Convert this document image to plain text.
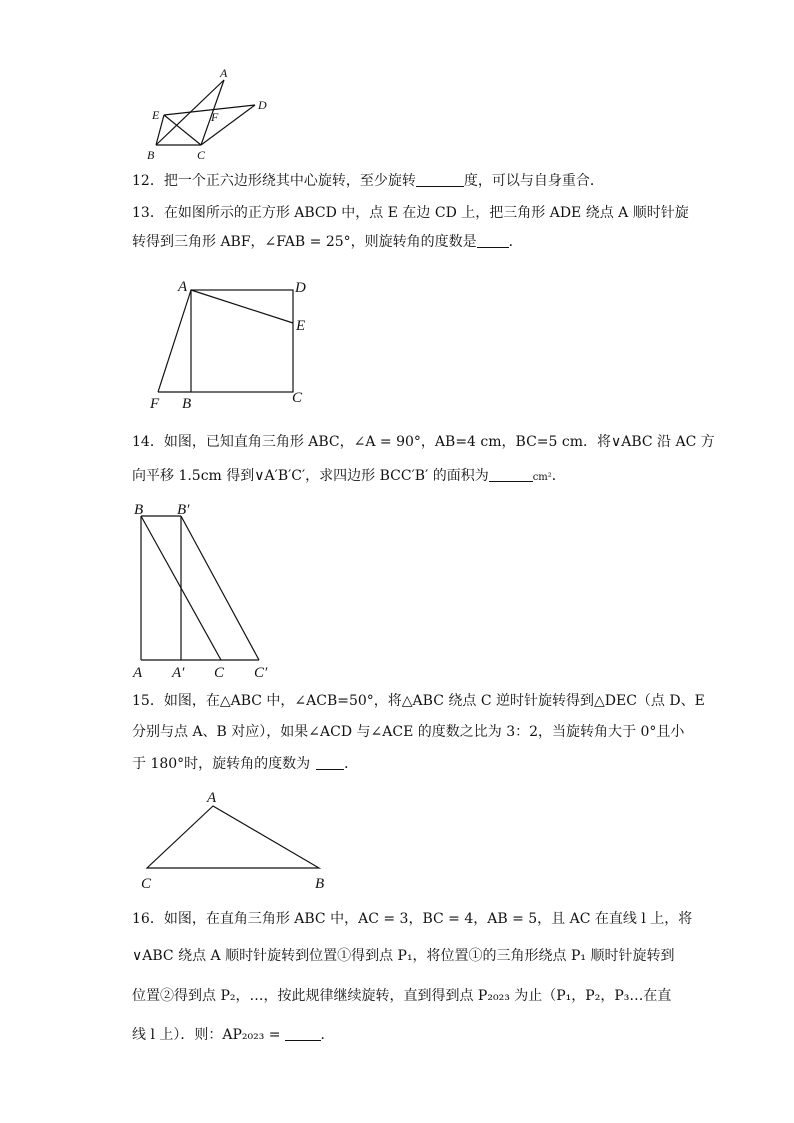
A
D
E	F
B	C
12．把一个正六边形绕其中心旋转，至少旋转	度，可以与自身重合．
13．在如图所示的正方形 ABCD 中，点 E 在边 CD 上，把三角形 ADE 绕点 A 顺时针旋
转得到三角形 ABF，∠FAB = 25°，则旋转角的度数是 ．
A	D
E
F B	C
14．如图，已知直角三角形 ABC，∠A = 90°，AB=4 cm，BC=5 cm．将∨ABC 沿 AC 方
向平移 1.5cm 得到∨A′B′C′，求四边形 BCC′B′ 的面积为	cm²．
B B′
A A′ C C′
15．如图，在△ABC 中，∠ACB=50°，将△ABC 绕点 C 逆时针旋转得到△DEC（点 D、E
分别与点 A、B 对应），如果∠ACD 与∠ACE 的度数之比为 3：2，当旋转角大于 0°且小
于 180°时，旋转角的度数为 ．
A
C	B
16．如图，在直角三角形 ABC 中，AC = 3，BC = 4，AB = 5，且 AC 在直线 l 上，将
∨ABC 绕点 A 顺时针旋转到位置①得到点 P₁，将位置①的三角形绕点 P₁ 顺时针旋转到
位置②得到点 P₂，…，按此规律继续旋转，直到得到点 P₂₀₂₃ 为止（P₁，P₂，P₃…在直
线 l 上）．则：AP₂₀₂₃ =	．
